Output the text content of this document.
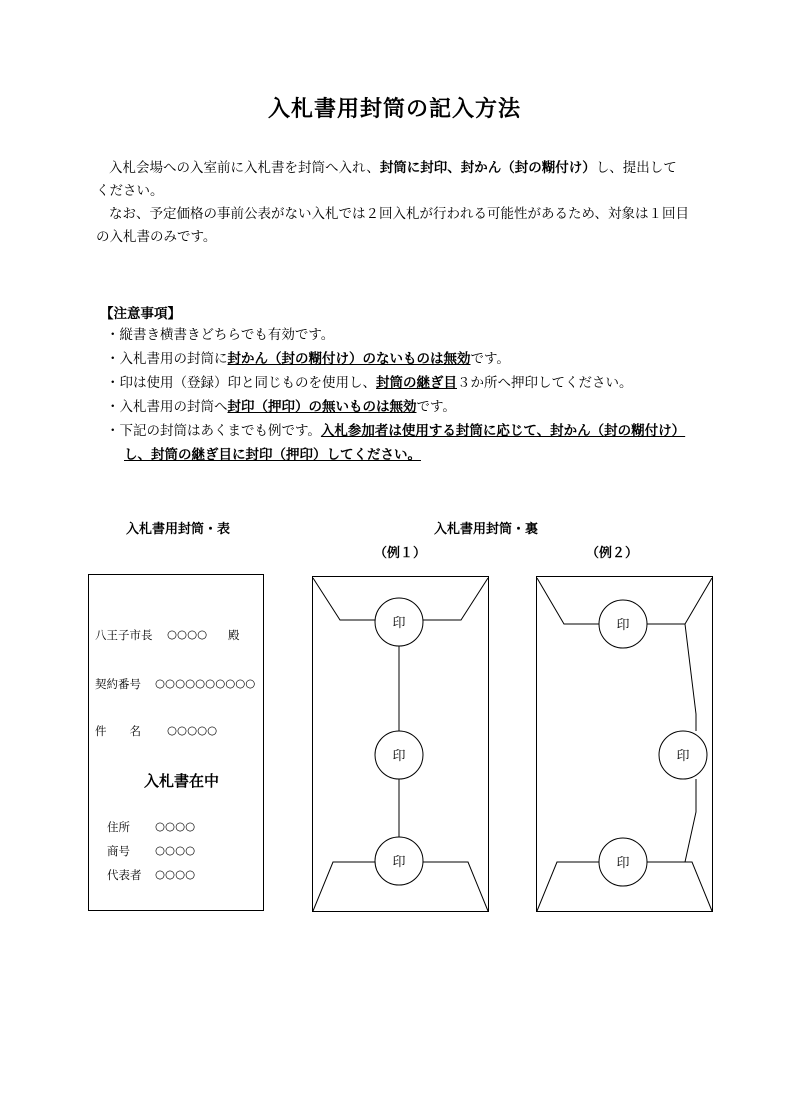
入札書用封筒の記入方法
入札会場への入室前に入札書を封筒へ入れ、封筒に封印、封かん（封の糊付け）し、提出して
ください。
なお、予定価格の事前公表がない入札では２回入札が行われる可能性があるため、対象は１回目
の入札書のみです。
【注意事項】
・縦書き横書きどちらでも有効です。
・入札書用の封筒に封かん（封の糊付け）のないものは無効です。
・印は使用（登録）印と同じものを使用し、封筒の継ぎ目３か所へ押印してください。
・入札書用の封筒へ封印（押印）の無いものは無効です。
・下記の封筒はあくまでも例です。入札参加者は使用する封筒に応じて、封かん（封の糊付け）
し、封筒の継ぎ目に封印（押印）してください。
入札書用封筒・表	入札書用封筒・裏
（例１）	（例２）
八王子市長 ○○○○ 殿
契約番号 ○○○○○○○○○○
件　　名 ○○○○○
入札書在中
住所 ○○○○
商号 ○○○○
代表者 ○○○○
印
印
印
印
印
印
